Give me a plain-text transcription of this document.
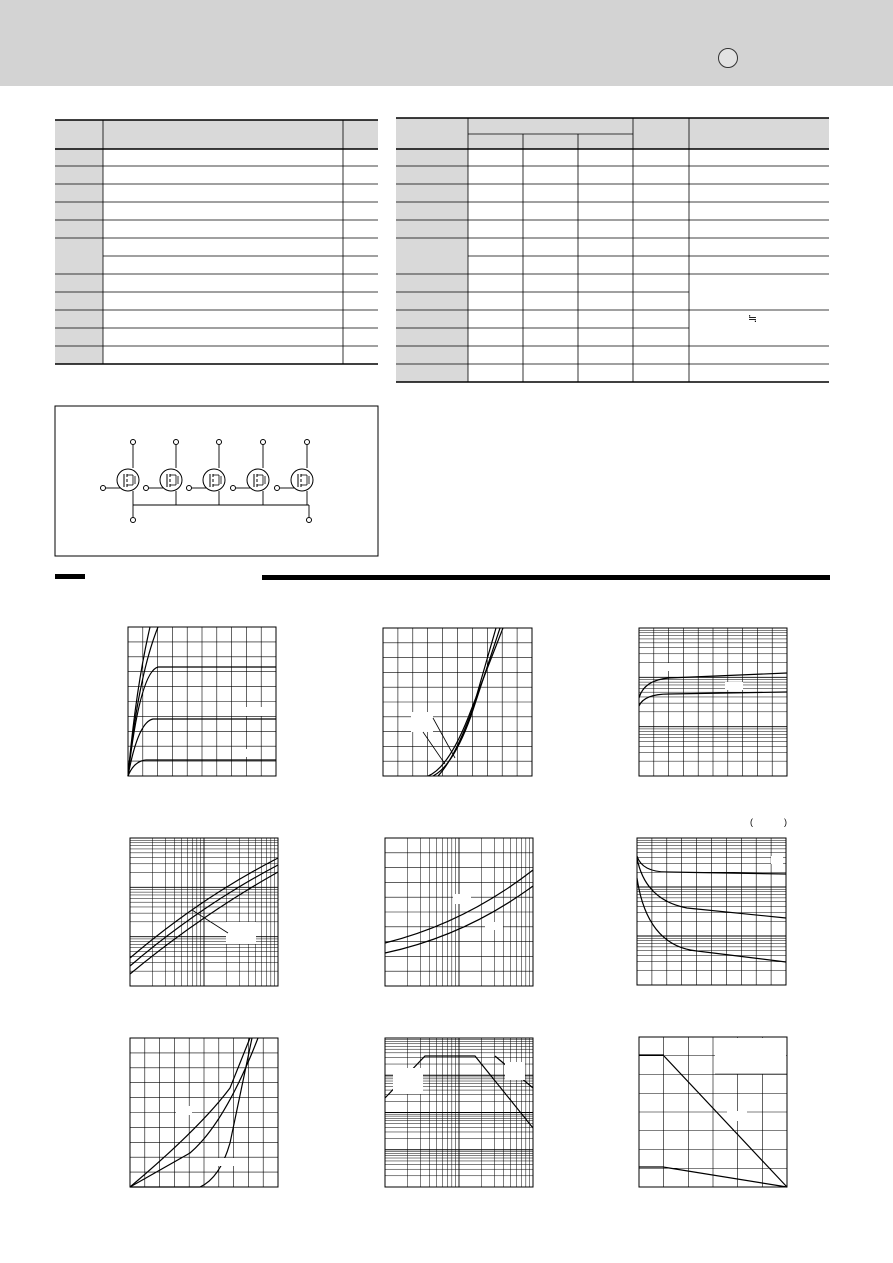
≒
(	)
